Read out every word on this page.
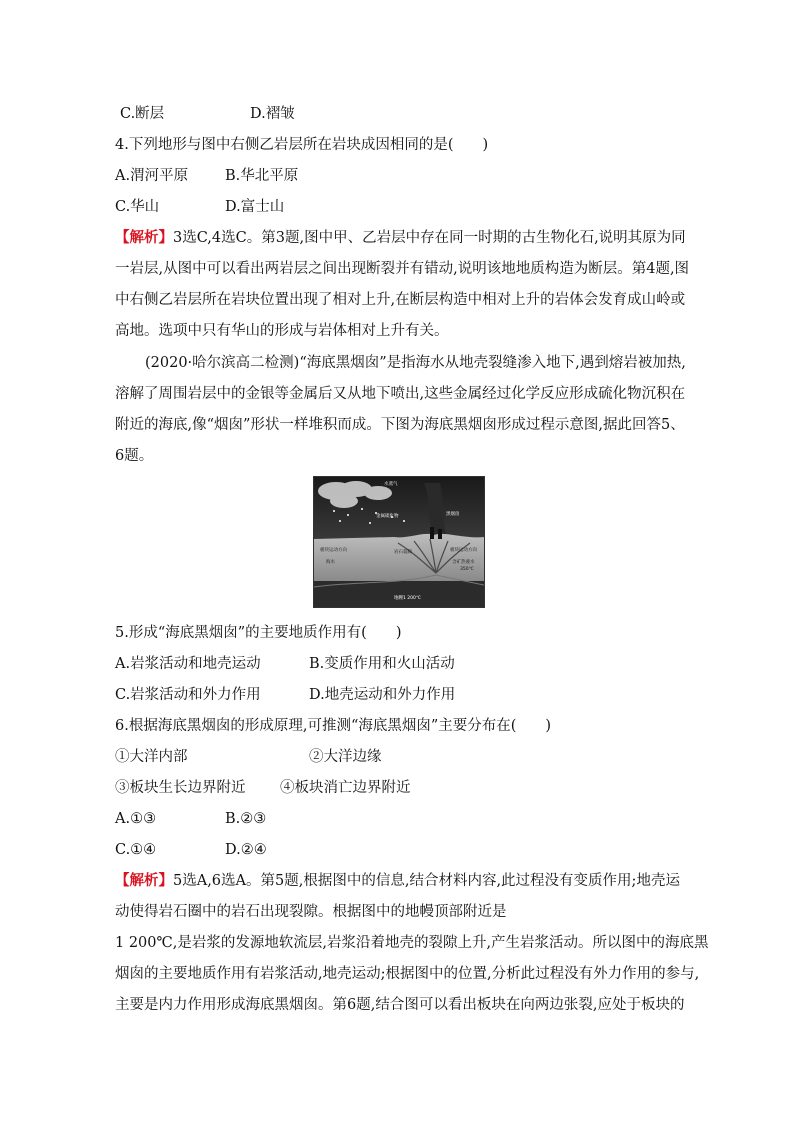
C.断层	D.褶皱
4.下列地形与图中右侧乙岩层所在岩块成因相同的是(　　)
A.渭河平原	B.华北平原
C.华山	D.富士山
【解析】3选C,4选C。第3题,图中甲、乙岩层中存在同一时期的古生物化石,说明其原为同
一岩层,从图中可以看出两岩层之间出现断裂并有错动,说明该地地质构造为断层。第4题,图
中右侧乙岩层所在岩块位置出现了相对上升,在断层构造中相对上升的岩体会发育成山岭或
高地。选项中只有华山的形成与岩体相对上升有关。
(2020·哈尔滨高二检测)“海底黑烟囱”是指海水从地壳裂缝渗入地下,遇到熔岩被加热,
溶解了周围岩层中的金银等金属后又从地下喷出,这些金属经过化学反应形成硫化物沉积在
附近的海底,像“烟囱”形状一样堆积而成。下图为海底黑烟囱形成过程示意图,据此回答5、
6题。
水蒸气
金属硫化物	黑烟囱
板块运动方向	板块运动方向
海水
岩石裂隙
含矿热液水
350℃
地幔1 200℃
5.形成“海底黑烟囱”的主要地质作用有(　　)
A.岩浆活动和地壳运动	B.变质作用和火山活动
C.岩浆活动和外力作用	D.地壳运动和外力作用
6.根据海底黑烟囱的形成原理,可推测“海底黑烟囱”主要分布在(　　)
①大洋内部	②大洋边缘
③板块生长边界附近 ④板块消亡边界附近
A.①③	B.②③
C.①④	D.②④
【解析】5选A,6选A。第5题,根据图中的信息,结合材料内容,此过程没有变质作用;地壳运
动使得岩石圈中的岩石出现裂隙。根据图中的地幔顶部附近是
1 200℃,是岩浆的发源地软流层,岩浆沿着地壳的裂隙上升,产生岩浆活动。所以图中的海底黑
烟囱的主要地质作用有岩浆活动,地壳运动;根据图中的位置,分析此过程没有外力作用的参与,
主要是内力作用形成海底黑烟囱。第6题,结合图可以看出板块在向两边张裂,应处于板块的
